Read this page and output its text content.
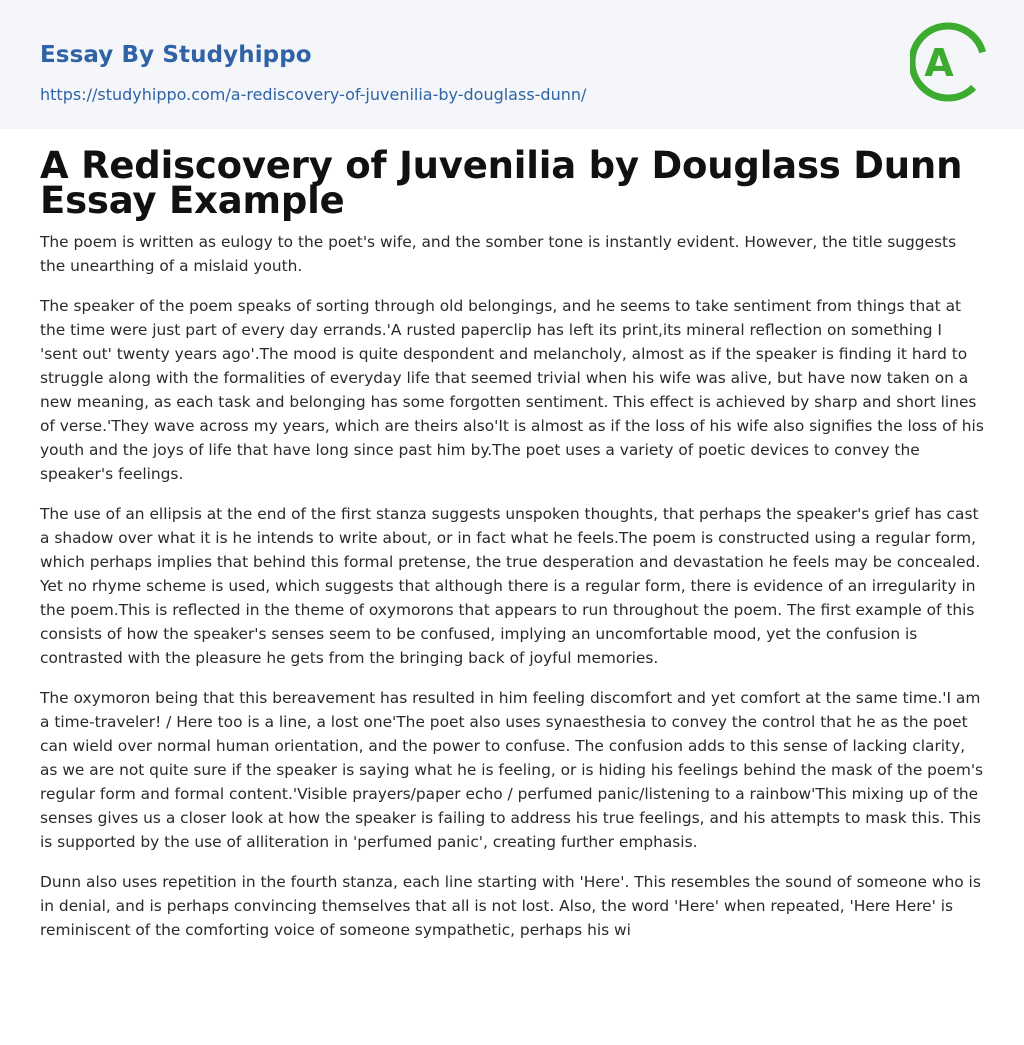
Essay By Studyhippo
https://studyhippo.com/a-rediscovery-of-juvenilia-by-douglass-dunn/
A
A Rediscovery of Juvenilia by Douglass Dunn Essay Example

The poem is written as eulogy to the poet's wife, and the somber tone is instantly evident. However, the title suggests the unearthing of a mislaid youth.

The speaker of the poem speaks of sorting through old belongings, and he seems to take sentiment from things that at the time were just part of every day errands.'A rusted paperclip has left its print,its mineral reflection on something I 'sent out' twenty years ago'.The mood is quite despondent and melancholy, almost as if the speaker is finding it hard to struggle along with the formalities of everyday life that seemed trivial when his wife was alive, but have now taken on a new meaning, as each task and belonging has some forgotten sentiment. This effect is achieved by sharp and short lines of verse.'They wave across my years, which are theirs also'It is almost as if the loss of his wife also signifies the loss of his youth and the joys of life that have long since past him by.The poet uses a variety of poetic devices to convey the speaker's feelings.

The use of an ellipsis at the end of the first stanza suggests unspoken thoughts, that perhaps the speaker's grief has cast a shadow over what it is he intends to write about, or in fact what he feels.The poem is constructed using a regular form, which perhaps implies that behind this formal pretense, the true desperation and devastation he feels may be concealed. Yet no rhyme scheme is used, which suggests that although there is a regular form, there is evidence of an irregularity in the poem.This is reflected in the theme of oxymorons that appears to run throughout the poem. The first example of this consists of how the speaker's senses seem to be confused, implying an uncomfortable mood, yet the confusion is contrasted with the pleasure he gets from the bringing back of joyful memories.

The oxymoron being that this bereavement has resulted in him feeling discomfort and yet comfort at the same time.'I am a time-traveler! / Here too is a line, a lost one'The poet also uses synaesthesia to convey the control that he as the poet can wield over normal human orientation, and the power to confuse. The confusion adds to this sense of lacking clarity, as we are not quite sure if the speaker is saying what he is feeling, or is hiding his feelings behind the mask of the poem's regular form and formal content.'Visible prayers/paper echo / perfumed panic/listening to a rainbow'This mixing up of the senses gives us a closer look at how the speaker is failing to address his true feelings, and his attempts to mask this. This is supported by the use of alliteration in 'perfumed panic', creating further emphasis.

Dunn also uses repetition in the fourth stanza, each line starting with 'Here'. This resembles the sound of someone who is in denial, and is perhaps convincing themselves that all is not lost. Also, the word 'Here' when repeated, 'Here Here' is reminiscent of the comforting voice of someone sympathetic, perhaps his wi
